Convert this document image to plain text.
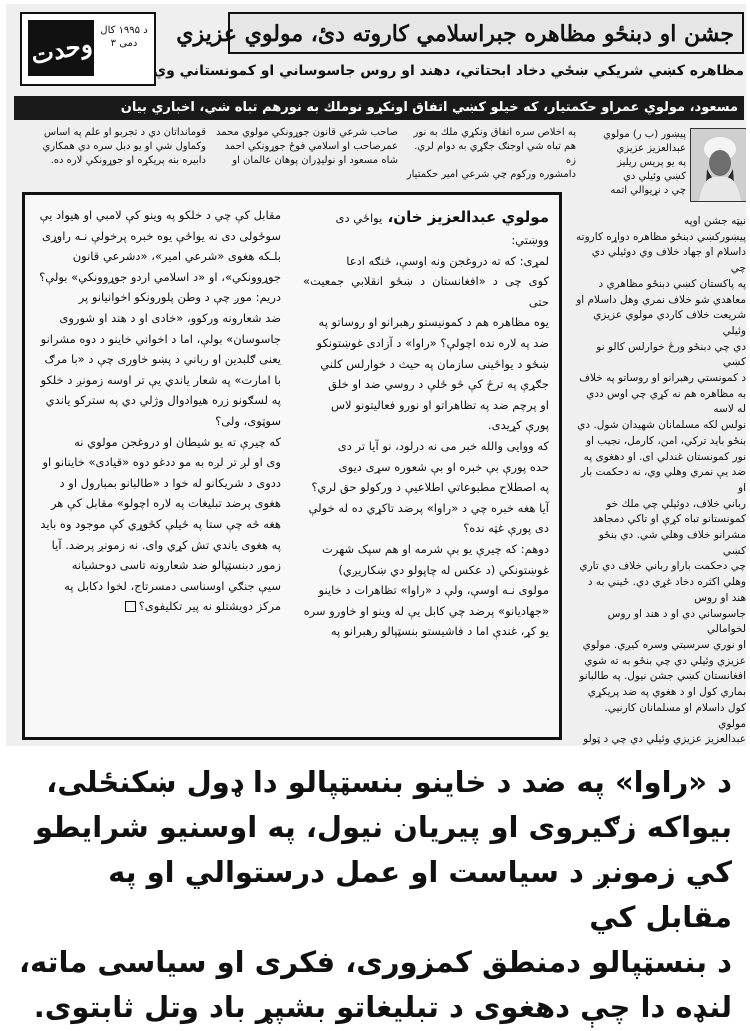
وحدت د ۱۹۹۵ کال دمی ۳	جشن او دبنځو مظاهره جبراسلامي كاروته دئ، مولوي عزيزي
مظاهره كښي شريكي ښځي دخاد ابحتاتي، دهند او روس جاسوساني او كمونستاني وي
مسعود، مولوي عمراو حكمتيار، كه خيلو كښي اتفاق اونكړو نوملك به نورهم تباه شي، اخباري بيان
په اخلاص سره اتفاق ونكړي ملك به نور
هم تباه شي اوجنګ جګړي به دوام لري. زه
دامشوره وركوم چي شرعي امير حكمتيار
صاحب شرعي قانون جوړونكي مولوي محمد
عمرصاحب او اسلامي فوځ جوړونكي احمد
شاه مسعود او نوليډران پوهان عالمان او
قومانداتان دي د تجربو او علم په اساس
وكماول شي او يو دبل سره دي همكاري
دابيره بنه پريكړه او جوړونكي لاره ده.
پيښور (ب ر) مولوي
عبدالعزيز عزيزي
په يو پريس ريليز
كښي وئيلي دي
چي د نړيوالي اتمه

نيټه جشن اوپه

پيښوركښي دبنځو مظاهره دواړه كاروته

داسلام او جهاد خلاف وي دوئيلي دي چي

په پاكستان كښي دبنځو مظاهري د

معاهدي شو خلاف نمري وهل داسلام او

شريعت خلاف كاردي مولوي عزيزي وئيلي

دي چي دبنځو ورځ خوارلس كالو نو كښي

د كمونستي رهبرانو او روساتو په خلاف

به مظاهره هم نه كړي چي اوس ددي له لاسه

نولس لكه مسلمانان شهيدان شول. دي

بنځو بايد تركي، امن، كارمل، نجيب او

نور كمونستان غندلي ای. او دهغوی په

ضد يې نمري وهلي وي، نه دحكمت بار او

رباني خلاف، دوئيلي چي ملك خو

كمونستانو تباه كړې او تاكي دمجاهد

مشرانو خلاف وهلي شي. دي بنځو كښي

چي دحكمت باراو رباني خلاف دي تاري

وهلي اكثره دخاد غړي دي. ځيني به د هند او روس

جاسوساني دي او د هند او روس لخوامالي

او نوري سرسبتي وسره كيږي. مولوي

عزيزي وئيلي دي چي بنځو به ته شوي

افغانستان كښي جشن نيول. په طالبانو

بماري كول او د هغوي په ضد پريكړي

كول داسلام او مسلمانان كارنيي. مولوي

عبدالعزيز عزيزي وئيلي دي چي د ټولو

مولوي عبدالعزيز خان، يواځي دی

ووښتي:

لمړی: كه ته دروغجن ونه اوسې، څنګه ادعا

كوی چی د «افغانستان د ښځو انقلابي جمعيت» حتی

يوه مظاهره هم د كمونيستو رهبرانو او روساتو په

ضد په لاره نده اچولې؟ «راوا» د آزادی غوښتونكو

ښځو د يواځينی سازمان په حيث د خوارلس كلني

جګړې په ترڅ كې څو ځلې د روسي ضد او خلق

او پرچم ضد په تظاهراتو او نورو فعاليتونو لاس

پورې كړيدی.

كه ووايی والله خبر می نه درلود، نو آيا تر دی

حده پورې بې خبره او بې شعوره سړی ديوی

په اصطلاح مطبوعاتي اطلاعيې د وركولو حق لري؟

آيا هغه خبره چي د «راوا» پرضد تاكړي ده له خولې

دی پورې غټه نده؟

دوهم: كه چيرې يو بې شرمه او هم سپک شهرت

غوښتونكي (د عكس له چاپولو دي ښكاريږي)

مولوی نـه اوسې، ولې د «راوا» تظاهرات د خاينو

«جهادیانو» پرضد چي كابل يې له وينو او خاورو سره

يو كړ، غندې اما د فاشيستو بنسټپالو رهبرانو په

مقابل كې چي د خلكو په وينو كې لامبي او هيواد يې

سوځولی دی نه يواځې يوه خبره پرخولې نـه راوړی

بلـكه هغوی «شرعي امير»، «دشرعي قانون

جوړوونكي»، او «د اسلامي اردو جوړوونكي» بولې؟

دريم: موږ چې د وطن پلورونكو اخوانيانو پر

ضد شعارونه وركوو، «خادی او د هند او شوروی

جاسوسان» بولې، اما د اخواني خاينو د دوه مشرانو

يعنی ګلبدين او رباني د پښو خاوری چې د «با مرګ

با امارت» په شعار ياندي يې تر اوسه زمونږ د خلكو

په لسګونو زره هيوادوال وژلي دي په ستركو ياندي

سوټوی، ولی؟

كه چيرې ته يو شيطان او دروغجن مولوي نه

وی او لږ تر لږه به مو ددغو دوه «قيادی» خاينانو او

ددوی د شريكانو له خوا د «طالبانو بمبارول او د

هغوی پرضد تبليغات په لاره اچولو» مقابل كې هر

هغه څه چې ستا په څيلې كڅوړي كې موجود وه بايد

په هغوی ياندي تش كړي وای. نه زمونږ پرضد. آيا

زموږ دبنسټپالو ضد شعارونه تاسی دوحشيانه

سيې جنګي اوسناسی دمسرتاج، لخوا دكابل په

مركز دويشتلو نه پير تكليفوی؟

د «راوا» په ضد د خاينو بنسټپالو دا ډول ښكنځلی،

بيواكه زګيروی او پيريان نيول، په اوسنيو شرايطو

كي زمونږ د سياست او عمل درستوالي او په مقابل كي

د بنسټپالو دمنطق كمزوری، فكری او سياسی ماته،

لنډه دا چې دهغوی د تبليغاتو بشپړ باد وتل ثابتوی.
